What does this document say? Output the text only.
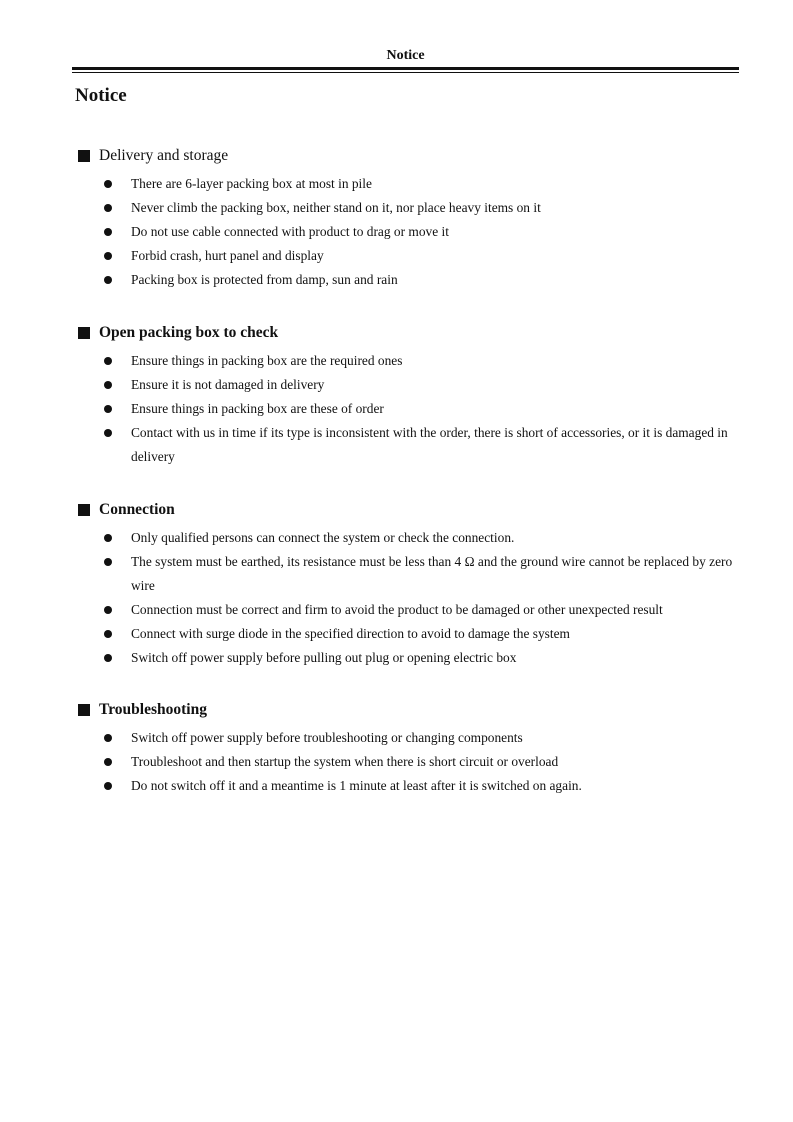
Notice
Notice
Delivery and storage
There are 6-layer packing box at most in pile
Never climb the packing box, neither stand on it, nor place heavy items on it
Do not use cable connected with product to drag or move it
Forbid crash, hurt panel and display
Packing box is protected from damp, sun and rain
Open packing box to check
Ensure things in packing box are the required ones
Ensure it is not damaged in delivery
Ensure things in packing box are these of order
Contact with us in time if its type is inconsistent with the order, there is short of accessories, or it is damaged in delivery
Connection
Only qualified persons can connect the system or check the connection.
The system must be earthed, its resistance must be less than 4 Ω and the ground wire cannot be replaced by zero wire
Connection must be correct and firm to avoid the product to be damaged or other unexpected result
Connect with surge diode in the specified direction to avoid to damage the system
Switch off power supply before pulling out plug or opening electric box
Troubleshooting
Switch off power supply before troubleshooting or changing components
Troubleshoot and then startup the system when there is short circuit or overload
Do not switch off it and a meantime is 1 minute at least after it is switched on again.
